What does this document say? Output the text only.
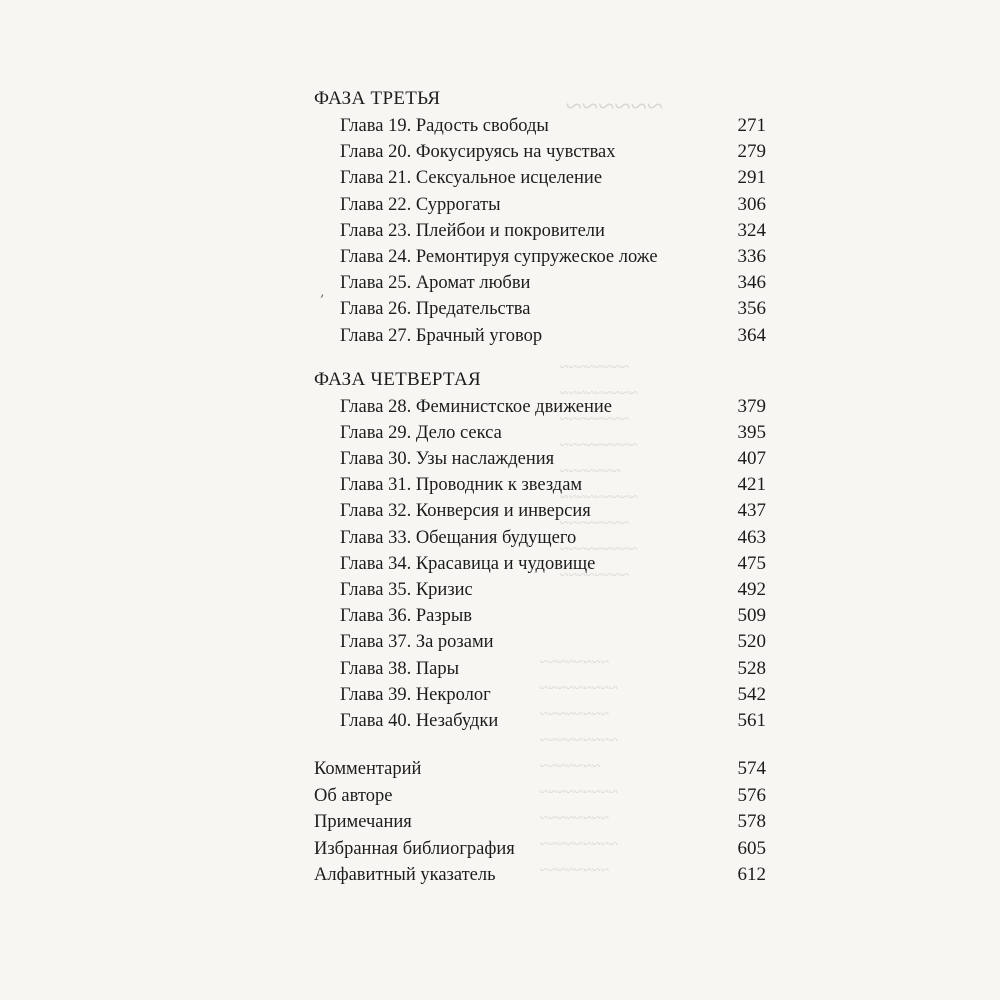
~~~~~~
~~~~~~~~
~~~~~~~~~
~~~~~~~~
~~~~~~~~~
~~~~~~~
~~~~~~~~~
~~~~~~~~
~~~~~~~~~
~~~~~~~~
~~~~~~~~
~~~~~~~~~
~~~~~~~~
~~~~~~~~~
~~~~~~~
~~~~~~~~~
~~~~~~~~
~~~~~~~~~
~~~~~~~~
‚
ФАЗА ТРЕТЬЯ
Глава 19. Радость свободы	271
Глава 20. Фокусируясь на чувствах	279
Глава 21. Сексуальное исцеление	291
Глава 22. Суррогаты	306
Глава 23. Плейбои и покровители	324
Глава 24. Ремонтируя супружеское ложе	336
Глава 25. Аромат любви	346
Глава 26. Предательства	356
Глава 27. Брачный уговор	364
ФАЗА ЧЕТВЕРТАЯ
Глава 28. Феминистское движение	379
Глава 29. Дело секса	395
Глава 30. Узы наслаждения	407
Глава 31. Проводник к звездам	421
Глава 32. Конверсия и инверсия	437
Глава 33. Обещания будущего	463
Глава 34. Красавица и чудовище	475
Глава 35. Кризис	492
Глава 36. Разрыв	509
Глава 37. За розами	520
Глава 38. Пары	528
Глава 39. Некролог	542
Глава 40. Незабудки	561
Комментарий	574
Об авторе	576
Примечания	578
Избранная библиография	605
Алфавитный указатель	612
